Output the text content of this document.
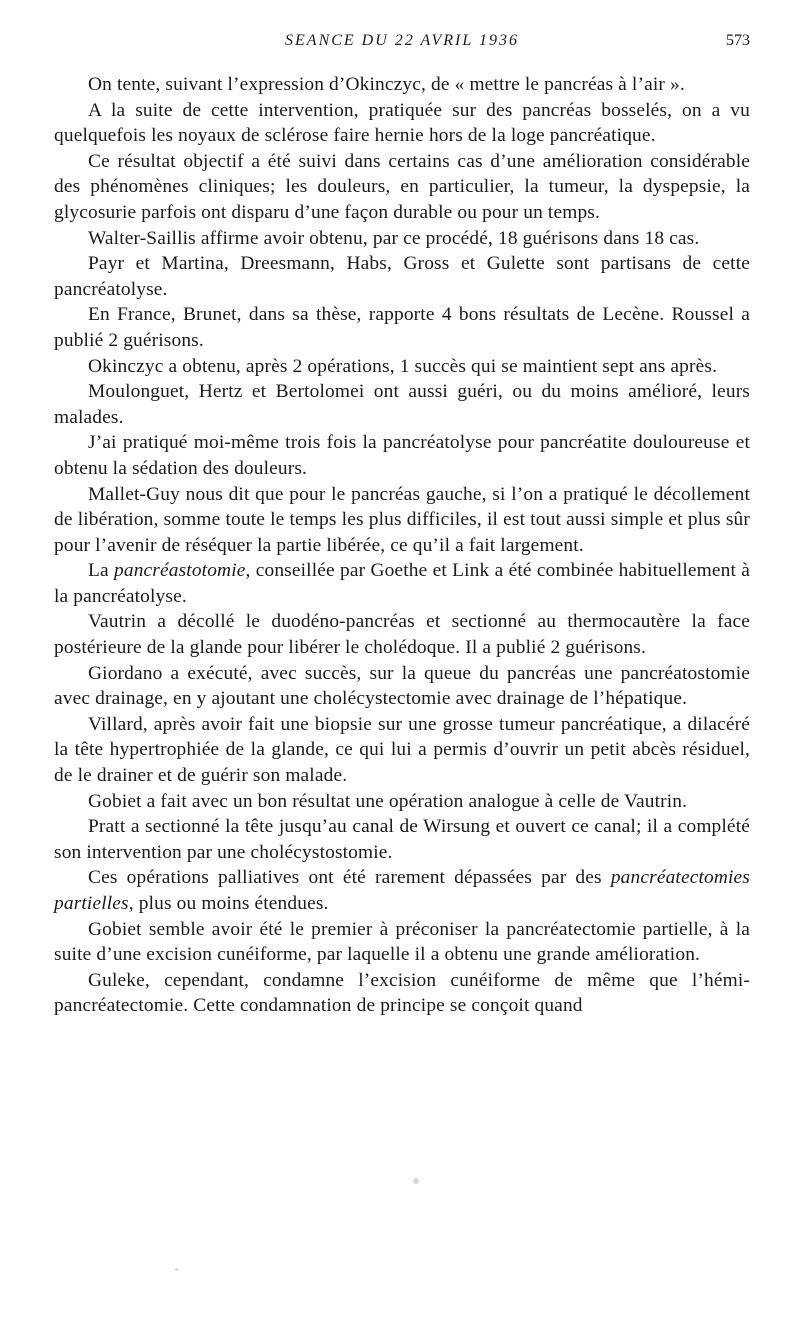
SEANCE DU 22 AVRIL 1936	573

On tente, suivant l’expression d’Okinczyc, de « mettre le pancréas à l’air ».

A la suite de cette intervention, pratiquée sur des pancréas bosselés, on a vu quelquefois les noyaux de sclérose faire hernie hors de la loge pancréatique.

Ce résultat objectif a été suivi dans certains cas d’une amélioration considérable des phénomènes cliniques; les douleurs, en particulier, la tumeur, la dyspepsie, la glycosurie parfois ont disparu d’une façon durable ou pour un temps.

Walter-Saillis affirme avoir obtenu, par ce procédé, 18 guérisons dans 18 cas.

Payr et Martina, Dreesmann, Habs, Gross et Gulette sont partisans de cette pancréatolyse.

En France, Brunet, dans sa thèse, rapporte 4 bons résultats de Lecène. Roussel a publié 2 guérisons.

Okinczyc a obtenu, après 2 opérations, 1 succès qui se maintient sept ans après.

Moulonguet, Hertz et Bertolomei ont aussi guéri, ou du moins amélioré, leurs malades.

J’ai pratiqué moi-même trois fois la pancréatolyse pour pancréatite douloureuse et obtenu la sédation des douleurs.

Mallet-Guy nous dit que pour le pancréas gauche, si l’on a pratiqué le décollement de libération, somme toute le temps les plus difficiles, il est tout aussi simple et plus sûr pour l’avenir de réséquer la partie libérée, ce qu’il a fait largement.

La pancréastotomie, conseillée par Goethe et Link a été combinée habituellement à la pancréatolyse.

Vautrin a décollé le duodéno-pancréas et sectionné au thermocautère la face postérieure de la glande pour libérer le cholédoque. Il a publié 2 guérisons.

Giordano a exécuté, avec succès, sur la queue du pancréas une pancréatostomie avec drainage, en y ajoutant une cholécystectomie avec drainage de l’hépatique.

Villard, après avoir fait une biopsie sur une grosse tumeur pancréatique, a dilacéré la tête hypertrophiée de la glande, ce qui lui a permis d’ouvrir un petit abcès résiduel, de le drainer et de guérir son malade.

Gobiet a fait avec un bon résultat une opération analogue à celle de Vautrin.

Pratt a sectionné la tête jusqu’au canal de Wirsung et ouvert ce canal; il a complété son intervention par une cholécystostomie.

Ces opérations palliatives ont été rarement dépassées par des pancréatectomies partielles, plus ou moins étendues.

Gobiet semble avoir été le premier à préconiser la pancréatectomie partielle, à la suite d’une excision cunéiforme, par laquelle il a obtenu une grande amélioration.

Guleke, cependant, condamne l’excision cunéiforme de même que l’hémi-pancréatectomie. Cette condamnation de principe se conçoit quand
